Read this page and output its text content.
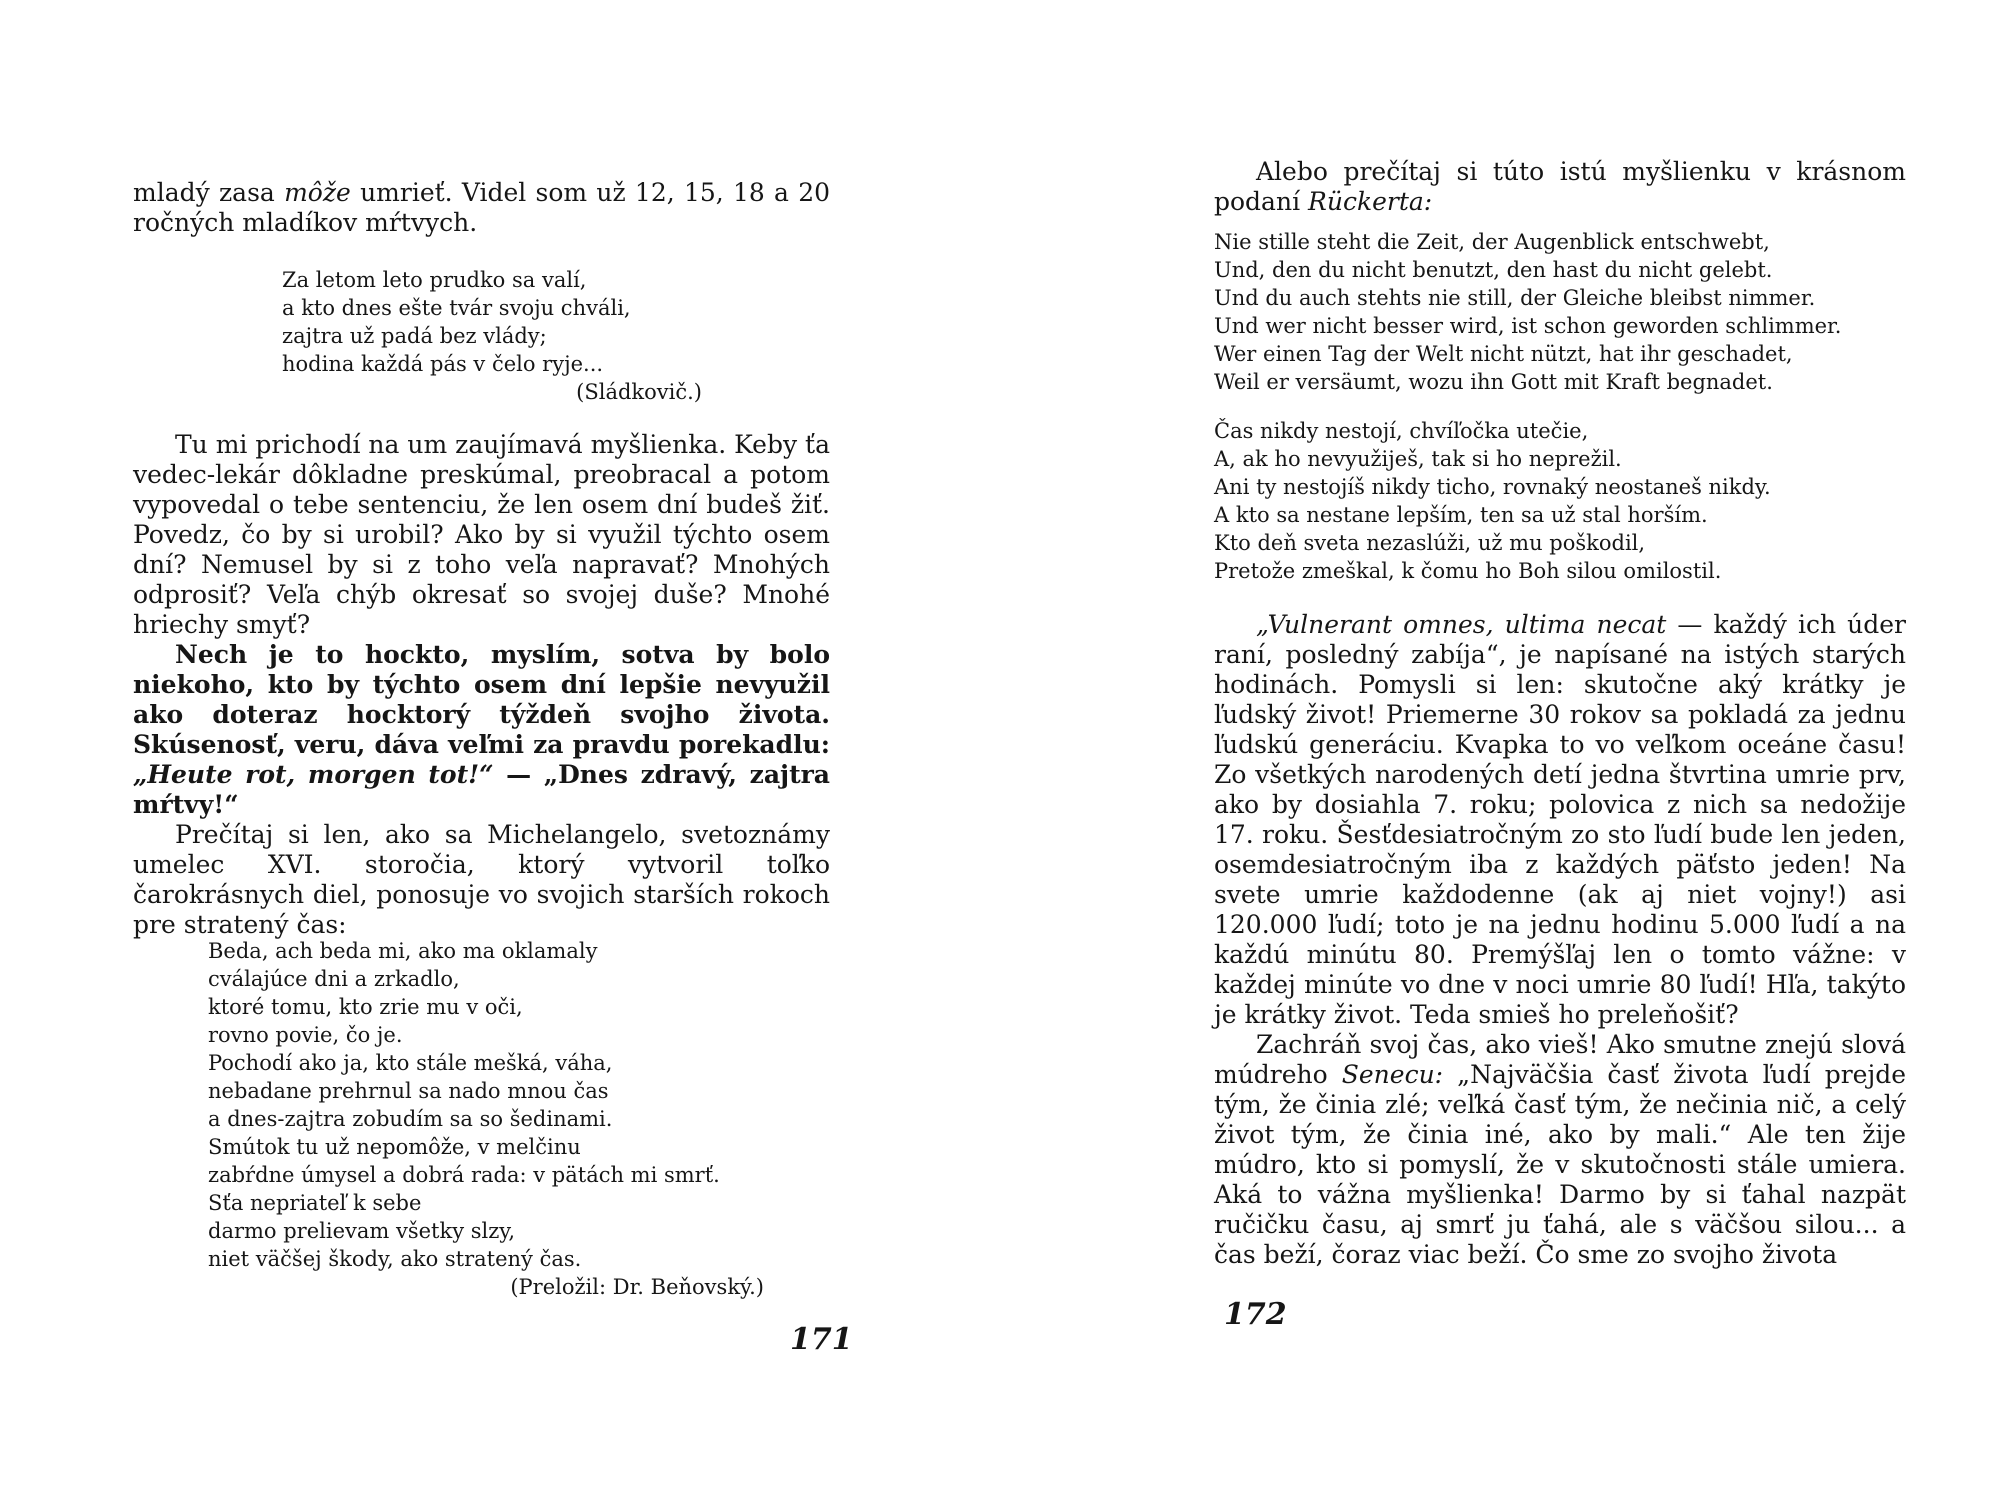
mladý zasa môže umrieť. Videl som už 12, 15, 18 a 20 ročných mladíkov mŕtvych.

Za letom leto prudko sa valí,
a kto dnes ešte tvár svoju chváli,
zajtra už padá bez vlády;
hodina každá pás v čelo ryje...
(Sládkovič.)

Tu mi prichodí na um zaujímavá myšlienka. Keby ťa vedec-lekár dôkladne preskúmal, preobracal a potom vypovedal o tebe sentenciu, že len osem dní budeš žiť. Povedz, čo by si urobil? Ako by si využil týchto osem dní? Nemusel by si z toho veľa napravať? Mnohých odprosiť? Veľa chýb okresať so svojej duše? Mnohé hriechy smyť?

Nech je to hockto, myslím, sotva by bolo niekoho, kto by týchto osem dní lepšie nevyužil ako doteraz hocktorý týždeň svojho života. Skúsenosť, veru, dáva veľmi za pravdu porekadlu: „Heute rot, morgen tot!“ — „Dnes zdravý, zajtra mŕtvy!“

Prečítaj si len, ako sa Michelangelo, svetoznámy umelec XVI. storočia, ktorý vytvoril toľko čarokrásnych diel, ponosuje vo svojich starších rokoch pre stratený čas:

Beda, ach beda mi, ako ma oklamaly
cválajúce dni a zrkadlo,
ktoré tomu, kto zrie mu v oči,
rovno povie, čo je.
Pochodí ako ja, kto stále mešká, váha,
nebadane prehrnul sa nado mnou čas
a dnes-zajtra zobudím sa so šedinami.
Smútok tu už nepomôže, v melčinu
zabŕdne úmysel a dobrá rada: v pätách mi smrť.
Sťa nepriateľ k sebe
darmo prelievam všetky slzy,
niet väčšej škody, ako stratený čas.
(Preložil: Dr. Beňovský.)
171

Alebo prečítaj si túto istú myšlienku v krásnom podaní Rückerta:

Nie stille steht die Zeit, der Augenblick entschwebt,
Und, den du nicht benutzt, den hast du nicht gelebt.
Und du auch stehts nie still, der Gleiche bleibst nimmer.
Und wer nicht besser wird, ist schon geworden schlimmer.
Wer einen Tag der Welt nicht nützt, hat ihr geschadet,
Weil er versäumt, wozu ihn Gott mit Kraft begnadet.
Čas nikdy nestojí, chvíľočka utečie,
A, ak ho nevyužiješ, tak si ho neprežil.
Ani ty nestojíš nikdy ticho, rovnaký neostaneš nikdy.
A kto sa nestane lepším, ten sa už stal horším.
Kto deň sveta nezaslúži, už mu poškodil,
Pretože zmeškal, k čomu ho Boh silou omilostil.

„Vulnerant omnes, ultima necat — každý ich úder raní, posledný zabíja“, je napísané na istých starých hodinách. Pomysli si len: skutočne aký krátky je ľudský život! Priemerne 30 rokov sa pokladá za jednu ľudskú generáciu. Kvapka to vo veľkom oceáne času! Zo všetkých narodených detí jedna štvrtina umrie prv, ako by dosiahla 7. roku; polovica z nich sa nedožije 17. roku. Šesťdesiatročným zo sto ľudí bude len jeden, osemdesiatročným iba z každých päťsto jeden! Na svete umrie každodenne (ak aj niet vojny!) asi 120.000 ľudí; toto je na jednu hodinu 5.000 ľudí a na každú minútu 80. Premýšľaj len o tomto vážne: v každej minúte vo dne v noci umrie 80 ľudí! Hľa, takýto je krátky život. Teda smieš ho preleňošiť?

Zachráň svoj čas, ako vieš! Ako smutne znejú slová múdreho Senecu: „Najväčšia časť života ľudí prejde tým, že činia zlé; veľká časť tým, že nečinia nič, a celý život tým, že činia iné, ako by mali.“ Ale ten žije múdro, kto si pomyslí, že v skutočnosti stále umiera. Aká to vážna myšlienka! Darmo by si ťahal nazpät ručičku času, aj smrť ju ťahá, ale s väčšou silou... a čas beží, čoraz viac beží. Čo sme zo svojho života

172
